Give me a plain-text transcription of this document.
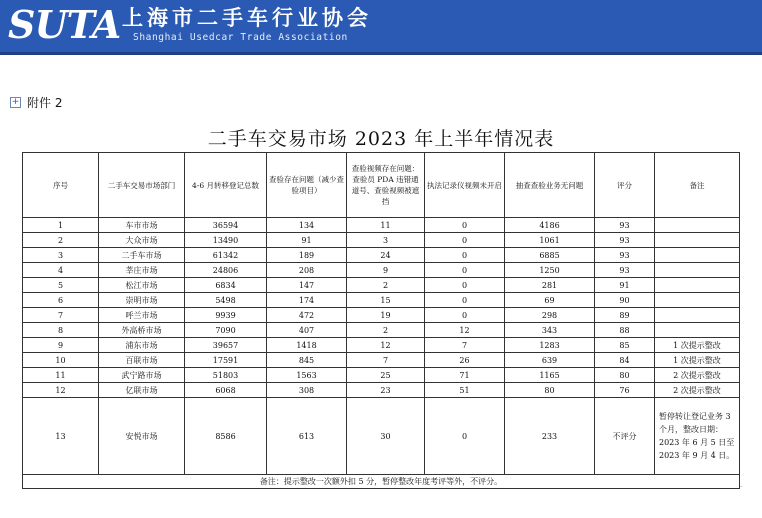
SUTA 上海市二手车行业协会
Shanghai Usedcar Trade Association
+ 附件 2
二手车交易市场 2023 年上半年情况表
序号	二手车交易市场部门	4-6 月转移登记总数	查验存在问题（减少查验项目）	查验视频存在问题：查验员 PDA 违错通道号、查验视频被遮挡	执法记录仪视频未开启	抽查查验业务无问题	评分	备注
1	车市市场	36594	134	11	0	4186	93	
2	大众市场	13490	91	3	0	1061	93	
3	二手车市场	61342	189	24	0	6885	93	
4	莘庄市场	24806	208	9	0	1250	93	
5	松江市场	6834	147	2	0	281	91	
6	崇明市场	5498	174	15	0	69	90	
7	呼兰市场	9939	472	19	0	298	89	
8	外高桥市场	7090	407	2	12	343	88	
9	浦东市场	39657	1418	12	7	1283	85	1 次提示整改
10	百联市场	17591	845	7	26	639	84	1 次提示整改
11	武宁路市场	51803	1563	25	71	1165	80	2 次提示整改
12	亿联市场	6068	308	23	51	80	76	2 次提示整改
13	安悦市场	8586	613	30	0	233	不评分	暂停转让登记业务 3 个月，整改日期：2023 年 6 月 5 日至 2023 年 9 月 4 日。
备注：提示整改一次额外扣 5 分，暂停整改年度考评等外，不评分。								
·
